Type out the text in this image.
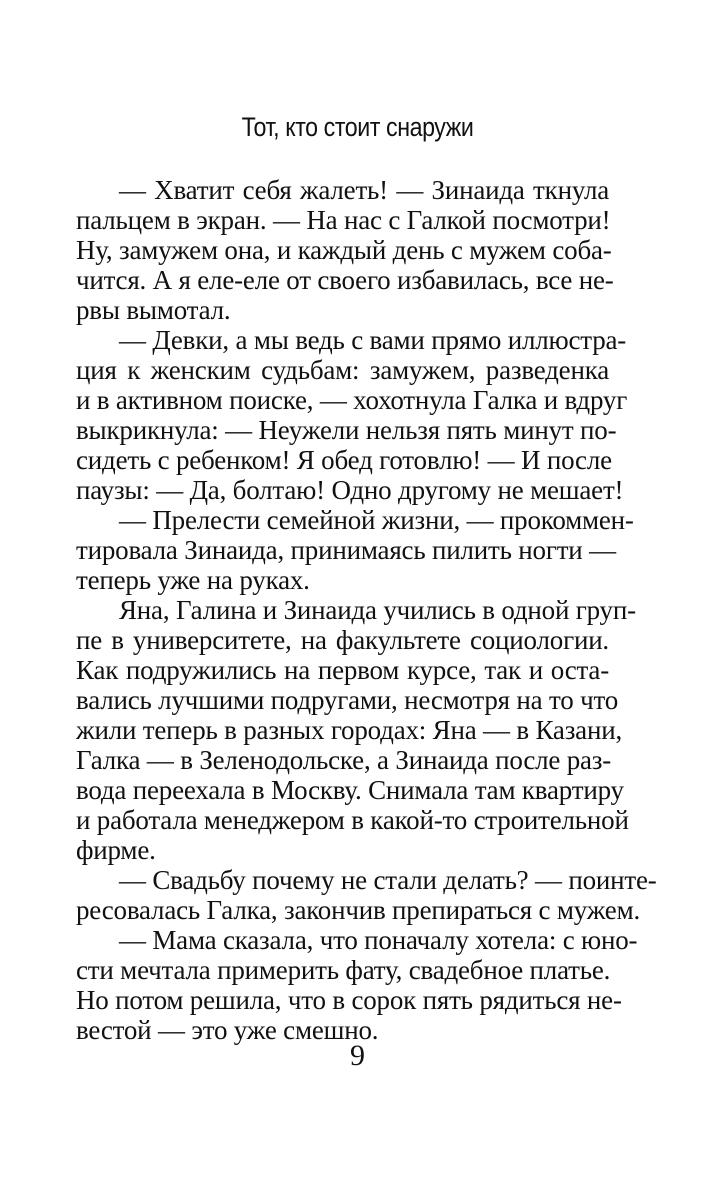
Тот, кто стоит снаружи
— Хватит себя жалеть! — Зинаида ткнула
пальцем в экран. — На нас с Галкой посмотри!
Ну, замужем она, и каждый день с мужем соба-
чится. А я еле-еле от своего избавилась, все не-
рвы вымотал.
— Девки, а мы ведь с вами прямо иллюстра-
ция к женским судьбам: замужем, разведенка
и в активном поиске, — хохотнула Галка и вдруг
выкрикнула: — Неужели нельзя пять минут по-
сидеть с ребенком! Я обед готовлю! — И после
паузы: — Да, болтаю! Одно другому не мешает!
— Прелести семейной жизни, — прокоммен-
тировала Зинаида, принимаясь пилить ногти —
теперь уже на руках.
Яна, Галина и Зинаида учились в одной груп-
пе в университете, на факультете социологии.
Как подружились на первом курсе, так и оста-
вались лучшими подругами, несмотря на то что
жили теперь в разных городах: Яна — в Казани,
Галка — в Зеленодольске, а Зинаида после раз-
вода переехала в Москву. Снимала там квартиру
и работала менеджером в какой-то строительной
фирме.
— Свадьбу почему не стали делать? — поинте-
ресовалась Галка, закончив препираться с мужем.
— Мама сказала, что поначалу хотела: с юно-
сти мечтала примерить фату, свадебное платье.
Но потом решила, что в сорок пять рядиться не-
вестой — это уже смешно.
9
